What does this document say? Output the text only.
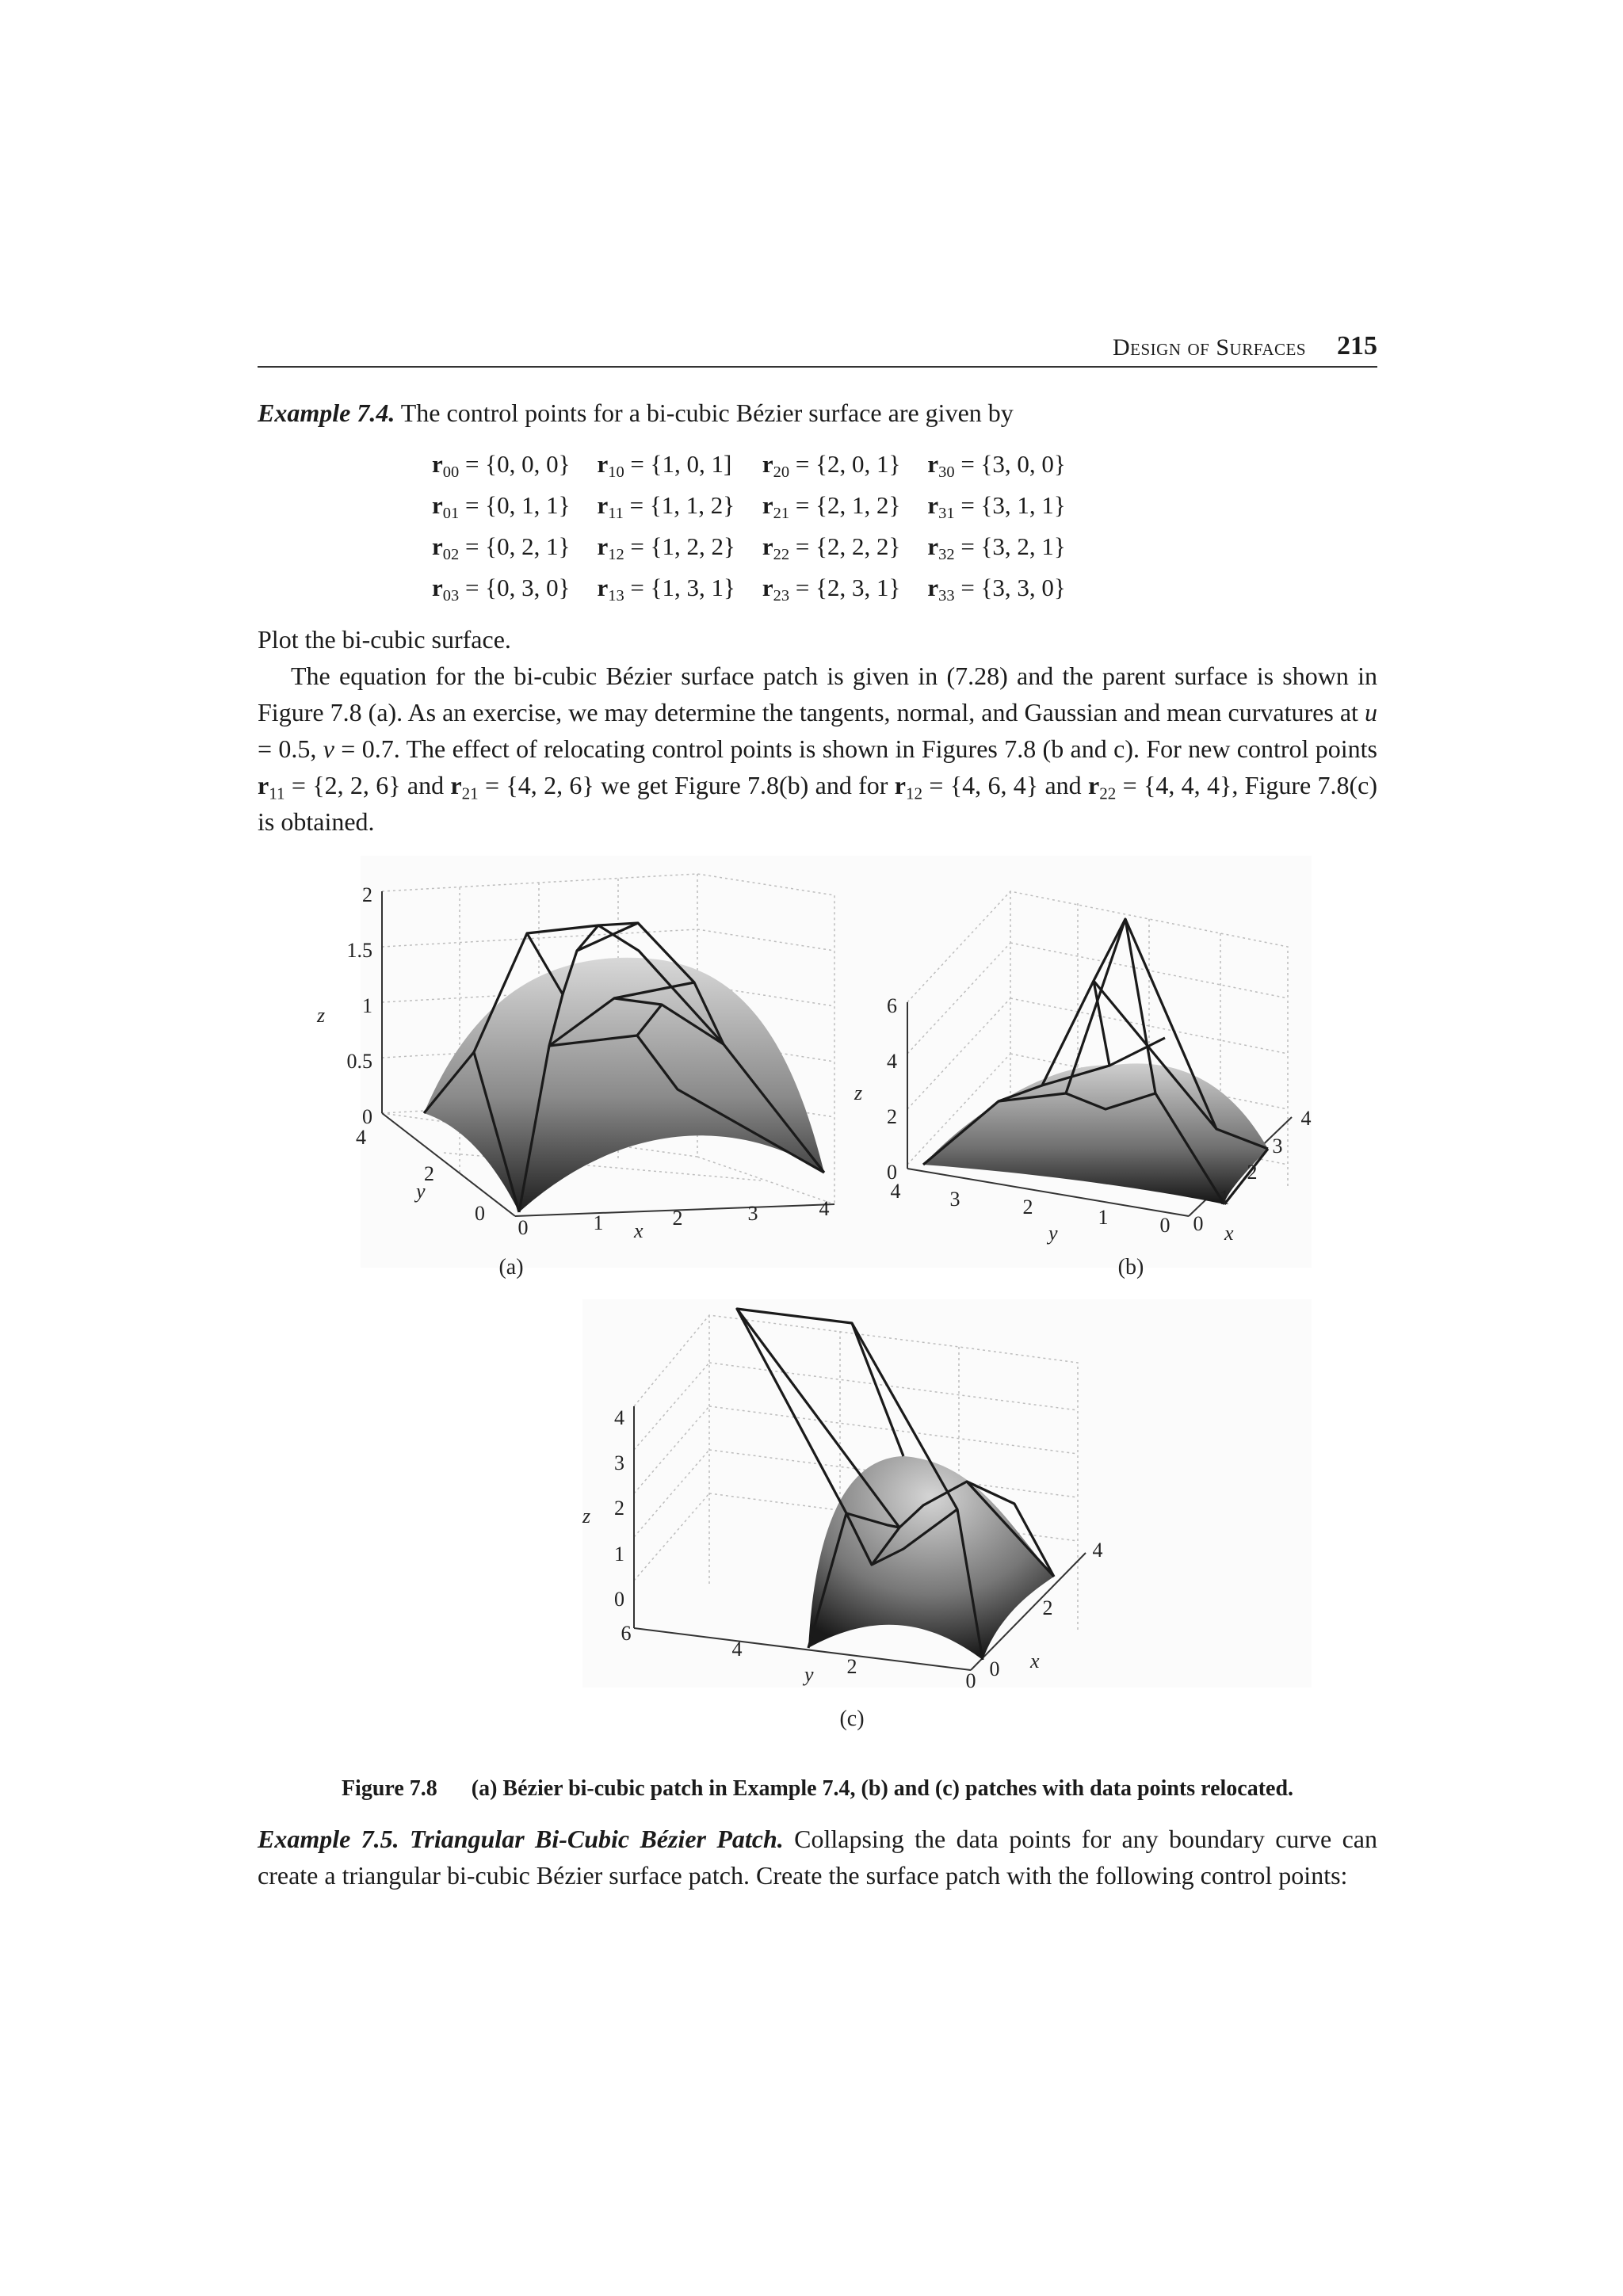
Design of Surfaces 215

Example 7.4. The control points for a bi-cubic Bézier surface are given by

$r_{00} = \{0$, 0, 0}	$r_{10} = \{1$, 0, 1]	$r_{20} = \{2$, 0, 1}	$r_{30} = \{3$, 0, 0}
$r_{01} = \{0$, 1, 1}	$r_{11} = \{1$, 1, 2}	$r_{21} = \{2$, 1, 2}	$r_{31} = \{3$, 1, 1}
$r_{02} = \{0$, 2, 1}	$r_{12} = \{1$, 2, 2}	$r_{22} = \{2$, 2, 2}	$r_{32} = \{3$, 2, 1}
$r_{03} = \{0$, 3, 0}	$r_{13} = \{1$, 3, 1}	$r_{23} = \{2$, 3, 1}	$r_{33} = \{3$, 3, 0}

Plot the bi-cubic surface.

The equation for the bi-cubic Bézier surface patch is given in (7.28) and the parent surface is shown in Figure 7.8 (a). As an exercise, we may determine the tangents, normal, and Gaussian and mean curvatures at u = 0.5, v = 0.7. The effect of relocating control points is shown in Figures 7.8 (b and c). For new control points $r_{11} = \{2$, 2, 6} and $r_{21} = \{4$, 2, 6} we get Figure 7.8(b) and for $r_{12} = \{4$, 6, 4} and $r_{22} = \{4$, 4, 4}, Figure 7.8(c) is obtained.

2
1.5
1
0.5
0
z
4
2
0
y
0	1	2	3	4
x
(a)
6
4
2
0
z
4 3	2	1	0
y	0
1
2
3
4
x
(b)
4
3
2
1
0
z
6
4
2
0
y	0
2
4
x
(c)
Figure 7.8 (a) Bézier bi-cubic patch in Example 7.4, (b) and (c) patches with data points relocated.

Example 7.5. Triangular Bi-Cubic Bézier Patch. Collapsing the data points for any boundary curve can create a triangular bi-cubic Bézier surface patch. Create the surface patch with the following control points:
